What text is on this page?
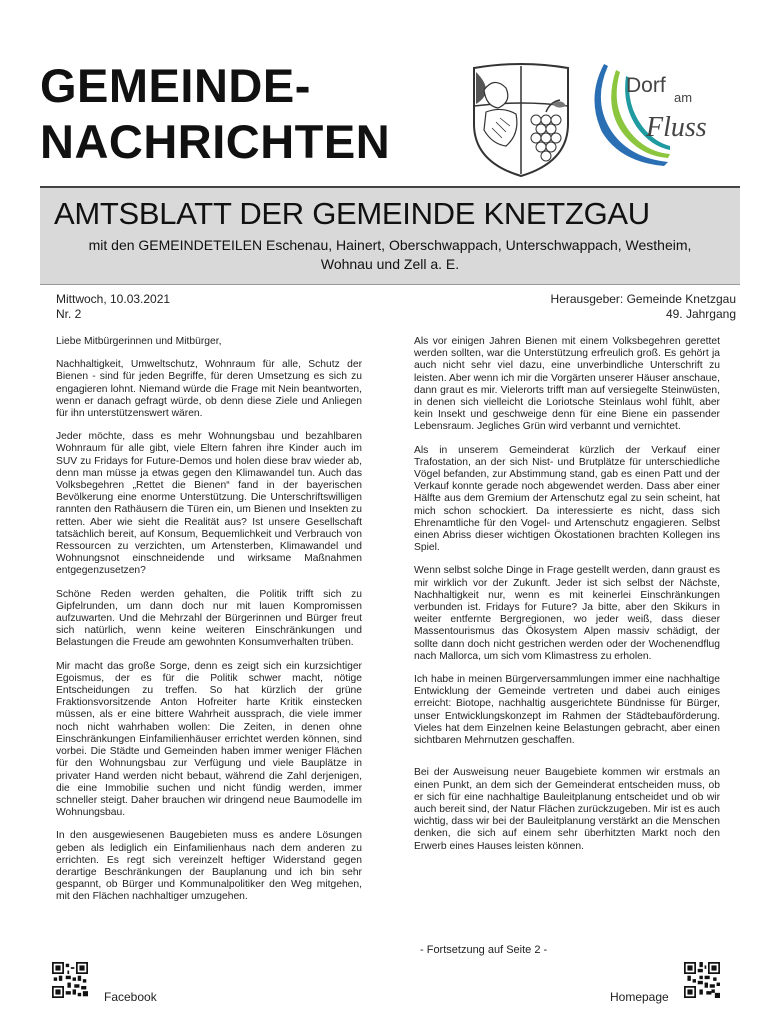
GEMEINDE-
NACHRICHTEN
Dorf
am
Fluss
AMTSBLATT DER GEMEINDE KNETZGAU
mit den GEMEINDETEILEN Eschenau, Hainert, Oberschwappach, Unterschwappach, Westheim,
Wohnau und Zell a. E.
Mittwoch, 10.03.2021
Nr. 2
Herausgeber: Gemeinde Knetzgau
49. Jahrgang

Liebe Mitbürgerinnen und Mitbürger,

Nachhaltigkeit, Umweltschutz, Wohnraum für alle, Schutz der Bienen - sind für jeden Begriffe, für deren Umsetzung es sich zu engagieren lohnt. Niemand würde die Frage mit Nein beantworten, wenn er danach gefragt würde, ob denn diese Ziele und Anliegen für ihn unterstützenswert wären.

Jeder möchte, dass es mehr Wohnungsbau und bezahlbaren Wohnraum für alle gibt, viele Eltern fahren ihre Kinder auch im SUV zu Fridays for Future-Demos und holen diese brav wieder ab, denn man müsse ja etwas gegen den Klimawandel tun. Auch das Volksbegehren „Rettet die Bienen“ fand in der bayerischen Bevölkerung eine enorme Unterstützung. Die Unterschriftswilligen rannten den Rathäusern die Türen ein, um Bienen und Insekten zu retten. Aber wie sieht die Realität aus? Ist unsere Gesellschaft tatsächlich bereit, auf Konsum, Bequemlichkeit und Verbrauch von Ressourcen zu verzichten, um Artensterben, Klimawandel und Wohnungsnot einschneidende und wirksame Maßnahmen entgegenzusetzen?

Schöne Reden werden gehalten, die Politik trifft sich zu Gipfelrunden, um dann doch nur mit lauen Kompromissen aufzuwarten. Und die Mehrzahl der Bürgerinnen und Bürger freut sich natürlich, wenn keine weiteren Einschränkungen und Belastungen die Freude am gewohnten Konsumverhalten trüben.

Mir macht das große Sorge, denn es zeigt sich ein kurzsichtiger Egoismus, der es für die Politik schwer macht, nötige Entscheidungen zu treffen. So hat kürzlich der grüne Fraktionsvorsitzende Anton Hofreiter harte Kritik einstecken müssen, als er eine bittere Wahrheit aussprach, die viele immer noch nicht wahrhaben wollen: Die Zeiten, in denen ohne Einschränkungen Einfamilienhäuser errichtet werden können, sind vorbei. Die Städte und Gemeinden haben immer weniger Flächen für den Wohnungsbau zur Verfügung und viele Bauplätze in privater Hand werden nicht bebaut, während die Zahl derjenigen, die eine Immobilie suchen und nicht fündig werden, immer schneller steigt. Daher brauchen wir dringend neue Baumodelle im Wohnungsbau.

In den ausgewiesenen Baugebieten muss es andere Lösungen geben als lediglich ein Einfamilienhaus nach dem anderen zu errichten. Es regt sich vereinzelt heftiger Widerstand gegen derartige Beschränkungen der Bauplanung und ich bin sehr gespannt, ob Bürger und Kommunalpolitiker den Weg mitgehen, mit den Flächen nachhaltiger umzugehen.

Als vor einigen Jahren Bienen mit einem Volksbegehren gerettet werden sollten, war die Unterstützung erfreulich groß. Es gehört ja auch nicht sehr viel dazu, eine unverbindliche Unterschrift zu leisten. Aber wenn ich mir die Vorgärten unserer Häuser anschaue, dann graut es mir. Vielerorts trifft man auf versiegelte Steinwüsten, in denen sich vielleicht die Loriotsche Steinlaus wohl fühlt, aber kein Insekt und geschweige denn für eine Biene ein passender Lebensraum. Jegliches Grün wird verbannt und vernichtet.

Als in unserem Gemeinderat kürzlich der Verkauf einer Trafostation, an der sich Nist- und Brutplätze für unterschiedliche Vögel befanden, zur Abstimmung stand, gab es einen Patt und der Verkauf konnte gerade noch abgewendet werden. Dass aber einer Hälfte aus dem Gremium der Artenschutz egal zu sein scheint, hat mich schon schockiert. Da interessierte es nicht, dass sich Ehrenamtliche für den Vogel- und Artenschutz engagieren. Selbst einen Abriss dieser wichtigen Ökostationen brachten Kollegen ins Spiel.

Wenn selbst solche Dinge in Frage gestellt werden, dann graust es mir wirklich vor der Zukunft. Jeder ist sich selbst der Nächste, Nachhaltigkeit nur, wenn es mit keinerlei Einschränkungen verbunden ist. Fridays for Future? Ja bitte, aber den Skikurs in weiter entfernte Bergregionen, wo jeder weiß, dass dieser Massentourismus das Ökosystem Alpen massiv schädigt, der sollte dann doch nicht gestrichen werden oder der Wochenendflug nach Mallorca, um sich vom Klimastress zu erholen.

Ich habe in meinen Bürgerversammlungen immer eine nachhaltige Entwicklung der Gemeinde vertreten und dabei auch einiges erreicht: Biotope, nachhaltig ausgerichtete Bündnisse für Bürger, unser Entwicklungskonzept im Rahmen der Städtebauförderung. Vieles hat dem Einzelnen keine Belastungen gebracht, aber einen sichtbaren Mehrnutzen geschaffen.

Bei der Ausweisung neuer Baugebiete kommen wir erstmals an einen Punkt, an dem sich der Gemeinderat entscheiden muss, ob er sich für eine nachhaltige Bauleitplanung entscheidet und ob wir auch bereit sind, der Natur Flächen zurückzugeben. Mir ist es auch wichtig, dass wir bei der Bauleitplanung verstärkt an die Menschen denken, die sich auf einem sehr überhitzten Markt noch den Erwerb eines Hauses leisten können.

- Fortsetzung auf Seite 2 -
Facebook	Homepage
